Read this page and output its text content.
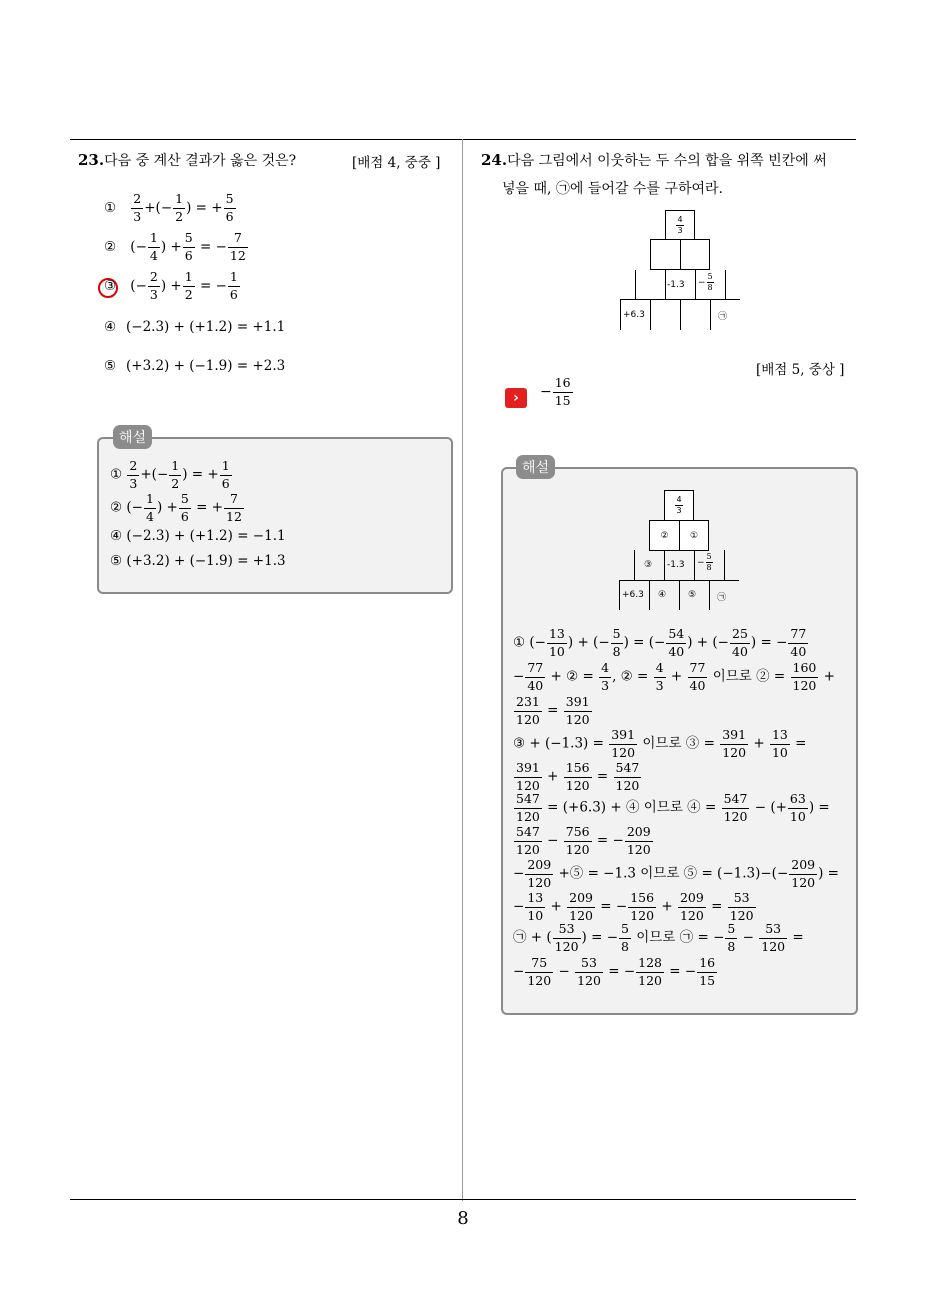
23.다음 중 계산 결과가 옳은 것은?	[배점 4, 중중 ]
① $\frac{2}{3}$ +(− $\frac{1}{2}$ ) = + $\frac{5}{6}$
② (− $\frac{1}{4}$ ) + $\frac{5}{6}$ = − $\frac{7}{12}$
③ (− $\frac{2}{3}$ ) + $\frac{1}{2}$ = − $\frac{1}{6}$
④ (−2.3) + (+1.2) = +1.1
⑤ (+3.2) + (−1.9) = +2.3
해설
① $\frac{2}{3}$ +(− $\frac{1}{2}$ ) = + $\frac{1}{6}$
② (− $\frac{1}{4}$ ) + $\frac{5}{6}$ = + $\frac{7}{12}$
④ (−2.3) + (+1.2) = −1.1
⑤ (+3.2) + (−1.9) = +1.3
24.다음 그림에서 이웃하는 두 수의 합을 위쪽 빈칸에 써
넣을 때, ㉠에 들어갈 수를 구하여라.
4
3
$-1.3 - \frac{5}{8}$
+6.3	㉠
[배점 5, 중상 ]
›	− $\frac{16}{15}$
해설
4
3
②	①
③ $-1.3 - \frac{5}{8}$
+6.3 ④ ⑤ ㉠
① (− $\frac{13}{10}$ ) + (− $\frac{5}{8}$ ) = (− $\frac{54}{40}$ ) + (− $\frac{25}{40}$ ) = − $\frac{77}{40}$
− $\frac{77}{40}$ + ② = $\frac{4}{3}$ , ② = $\frac{4}{3} + \frac{77}{40}$ 이므로 ② = $\frac{160}{120}$ +
$\frac{231}{120} = \frac{391}{120}$
③ + $(-1.3) = \frac{391}{120}$ 이므로 ③ = $\frac{391}{120} + \frac{13}{10}$ =
$\frac{391}{120} + \frac{156}{120} = \frac{547}{120}$
$\frac{547}{120} = (+6.3)$ + ④ 이므로 ④ = $\frac{547}{120}$ − (+ $\frac{63}{10}$ ) =
$\frac{547}{120} - \frac{756}{120}$ = − $\frac{209}{120}$
− $\frac{209}{120}$ +⑤ = −1.3 이므로 ⑤ = $(-1.3)-(- \frac{209}{120}$ ) =
− $\frac{13}{10} + \frac{209}{120}$ = − $\frac{156}{120} + \frac{209}{120} = \frac{53}{120}$
㉠ + ( $\frac{53}{120}$ ) = − $\frac{5}{8}$ 이므로 ㉠ = − $\frac{5}{8} - \frac{53}{120}$ =
− $\frac{75}{120} - \frac{53}{120}$ = − $\frac{128}{120}$ = − $\frac{16}{15}$
8
